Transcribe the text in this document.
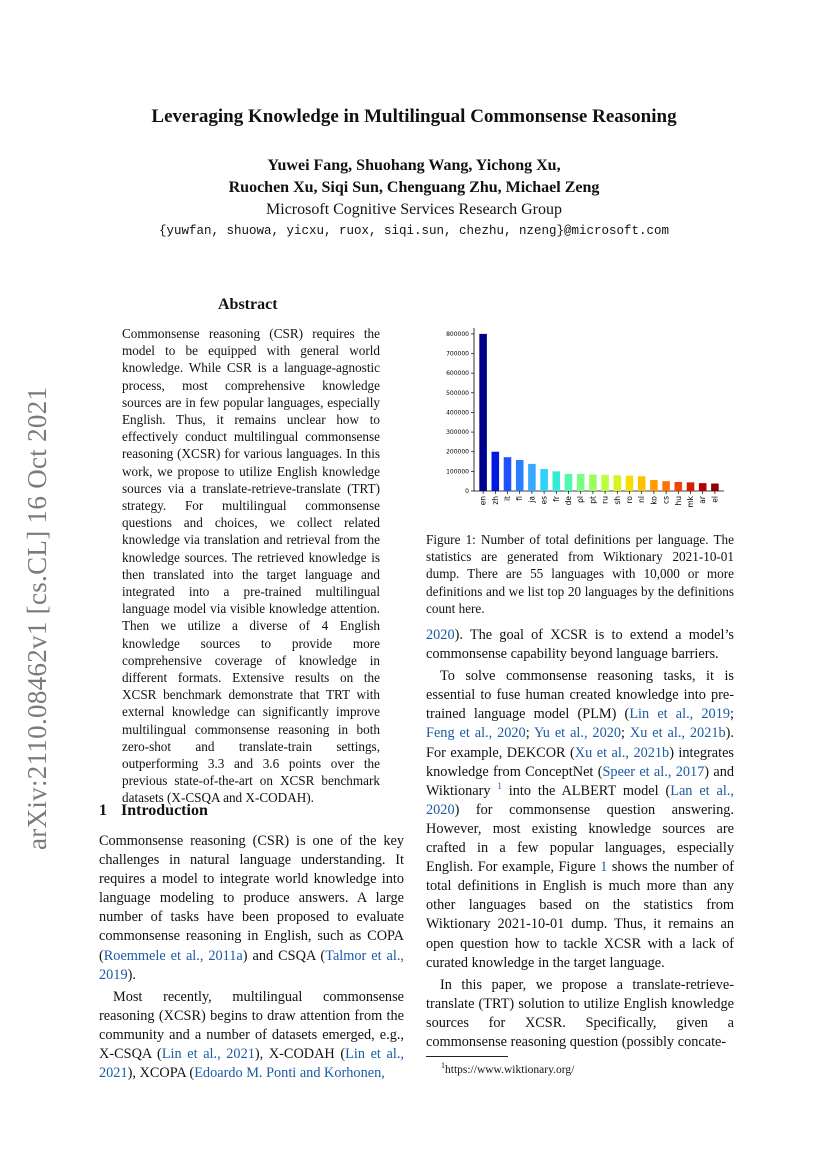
arXiv:2110.08462v1 [cs.CL] 16 Oct 2021
Leveraging Knowledge in Multilingual Commonsense Reasoning
Yuwei Fang, Shuohang Wang, Yichong Xu,
Ruochen Xu, Siqi Sun, Chenguang Zhu, Michael Zeng
Microsoft Cognitive Services Research Group
{yuwfan, shuowa, yicxu, ruox, siqi.sun, chezhu, nzeng}@microsoft.com
Abstract
Commonsense reasoning (CSR) requires the model to be equipped with general world knowledge. While CSR is a language-agnostic process, most comprehensive knowledge sources are in few popular languages, especially English. Thus, it remains unclear how to effectively conduct multilingual commonsense reasoning (XCSR) for various languages. In this work, we propose to utilize English knowledge sources via a translate-retrieve-translate (TRT) strategy. For multilingual commonsense questions and choices, we collect related knowledge via translation and retrieval from the knowledge sources. The retrieved knowledge is then translated into the target language and integrated into a pre-trained multilingual language model via visible knowledge attention. Then we utilize a diverse of 4 English knowledge sources to provide more comprehensive coverage of knowledge in different formats. Extensive results on the XCSR benchmark demonstrate that TRT with external knowledge can significantly improve multilingual commonsense reasoning in both zero-shot and translate-train settings, outperforming 3.3 and 3.6 points over the previous state-of-the-art on XCSR benchmark datasets (X-CSQA and X-CODAH).
1 Introduction

Commonsense reasoning (CSR) is one of the key challenges in natural language understanding. It requires a model to integrate world knowledge into language modeling to produce answers. A large number of tasks have been proposed to evaluate commonsense reasoning in English, such as COPA (Roemmele et al., 2011a) and CSQA (Talmor et al., 2019).

Most recently, multilingual commonsense reasoning (XCSR) begins to draw attention from the community and a number of datasets emerged, e.g., X-CSQA (Lin et al., 2021), X-CODAH (Lin et al., 2021), XCOPA (Edoardo M. Ponti and Korhonen,

0
100000
200000
300000
400000
500000
600000
700000
800000
en zh it fi ja es fr de pl pt ru sh ro nl ko cs hu mk ar el
Figure 1: Number of total definitions per language. The statistics are generated from Wiktionary 2021-10-01 dump. There are 55 languages with 10,000 or more definitions and we list top 20 languages by the definitions count here.

2020). The goal of XCSR is to extend a model’s commonsense capability beyond language barriers.

To solve commonsense reasoning tasks, it is essential to fuse human created knowledge into pre-trained language model (PLM) (Lin et al., 2019; Feng et al., 2020; Yu et al., 2020; Xu et al., 2021b). For example, DEKCOR (Xu et al., 2021b) integrates knowledge from ConceptNet (Speer et al., 2017) and Wiktionary $^1$ into the ALBERT model (Lan et al., 2020) for commonsense question answering. However, most existing knowledge sources are crafted in a few popular languages, especially English. For example, Figure 1 shows the number of total definitions in English is much more than any other languages based on the statistics from Wiktionary 2021-10-01 dump. Thus, it remains an open question how to tackle XCSR with a lack of curated knowledge in the target language.

In this paper, we propose a translate-retrieve-translate (TRT) solution to utilize English knowledge sources for XCSR. Specifically, given a commonsense reasoning question (possibly concate-

$^1$https://www.wiktionary.org/
